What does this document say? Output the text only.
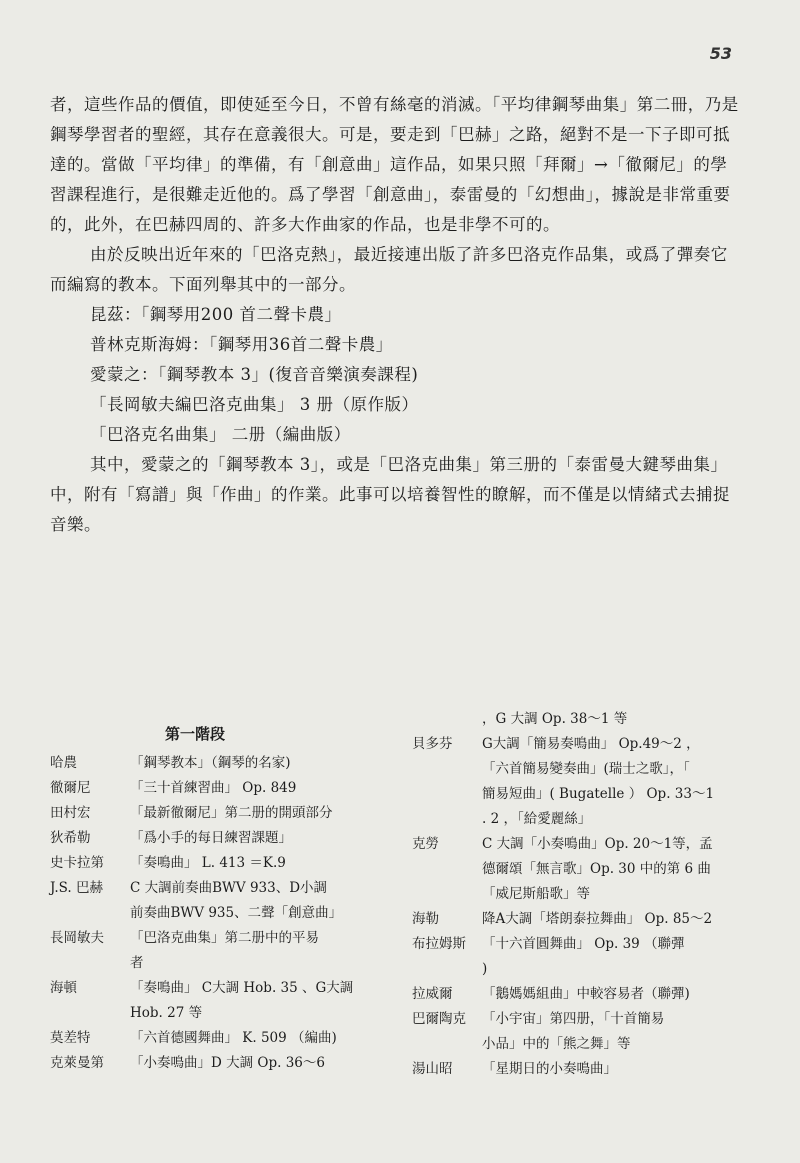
53

者，這些作品的價值，即使延至今日，不曾有絲毫的消滅。「平均律鋼琴曲集」第二冊，乃是鋼琴學習者的聖經，其存在意義很大。可是，要走到「巴赫」之路，絕對不是一下子即可抵達的。當做「平均律」的準備，有「創意曲」這作品，如果只照「拜爾」→「徹爾尼」的學習課程進行，是很難走近他的。爲了學習「創意曲」，泰雷曼的「幻想曲」，據說是非常重要的，此外，在巴赫四周的、許多大作曲家的作品，也是非學不可的。

由於反映出近年來的「巴洛克熱」，最近接連出版了許多巴洛克作品集，或爲了彈奏它而編寫的教本。下面列舉其中的一部分。

昆茲：「鋼琴用200 首二聲卡農」

普林克斯海姆：「鋼琴用36首二聲卡農」

愛蒙之：「鋼琴教本 3」(復音音樂演奏課程)

「長岡敏夫編巴洛克曲集」 3 册（原作版）

「巴洛克名曲集」 二册（編曲版）

其中，愛蒙之的「鋼琴教本 3」，或是「巴洛克曲集」第三册的「泰雷曼大鍵琴曲集」中，附有「寫譜」與「作曲」的作業。此事可以培養智性的瞭解，而不僅是以情緒式去捕捉音樂。

第一階段
哈農	「鋼琴教本」（鋼琴的名家)
徹爾尼	「三十首練習曲」 Op. 849
田村宏	「最新徹爾尼」第二册的開頭部分
狄希勒	「爲小手的每日練習課題」
史卡拉第	「奏鳴曲」 L. 413 ＝K.9
J.S. 巴赫	C 大調前奏曲BWV 933、D小調
前奏曲BWV 935、二聲「創意曲」
長岡敏夫	「巴洛克曲集」第二册中的平易
者
海頓	「奏鳴曲」 C大調 Hob. 35 、G大調
Hob. 27 等
莫差特	「六首德國舞曲」 K. 509 （編曲)
克萊曼第	「小奏鳴曲」D 大調 Op. 36～6
，G 大調 Op. 38～1 等
貝多芬	G大調「簡易奏鳴曲」 Op.49～2 ，
「六首簡易變奏曲」(瑞士之歌」，「
簡易短曲」( Bugatelle ） Op. 33～1
. 2 ，「給愛麗絲」
克勞	C 大調「小奏鳴曲」Op. 20～1等，孟
德爾頌「無言歌」Op. 30 中的第 6 曲
「威尼斯船歌」等
海勒	降A大調「塔朗泰拉舞曲」 Op. 85～2
布拉姆斯	「十六首圓舞曲」 Op. 39 （聯彈
)
拉威爾	「鵝媽媽組曲」中較容易者（聯彈)
巴爾陶克	「小宇宙」第四册，「十首簡易
小品」中的「熊之舞」等
湯山昭	「星期日的小奏鳴曲」
